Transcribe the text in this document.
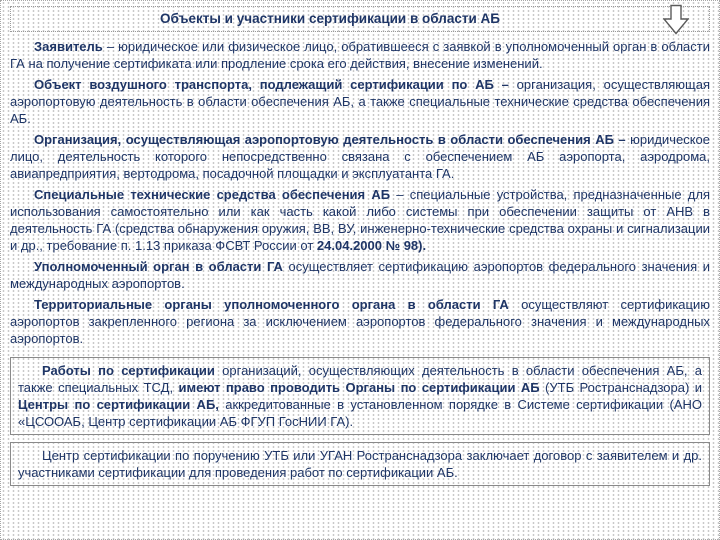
Объекты и участники сертификации в области АБ

Заявитель – юридическое или физическое лицо, обратившееся с заявкой в уполномоченный орган в области ГА на получение сертификата или продление срока его действия, внесение изменений.

Объект воздушного транспорта, подлежащий сертификации по АБ – организация, осуществляющая аэропортовую деятельность в области обеспечения АБ, а также специальные технические средства обеспечения АБ.

Организация, осуществляющая аэропортовую деятельность в области обеспечения АБ – юридическое лицо, деятельность которого непосредственно связана с обеспечением АБ аэропорта, аэродрома, авиапредприятия, вертодрома, посадочной площадки и эксплуатанта ГА.

Специальные технические средства обеспечения АБ – специальные устройства, предназначенные для использования самостоятельно или как часть какой либо системы при обеспечении защиты от АНВ в деятельность ГА (средства обнаружения оружия, ВВ, ВУ, инженерно-технические средства охраны и сигнализации и др., требование п. 1.13 приказа ФСВТ России от 24.04.2000 № 98).

Уполномоченный орган в области ГА осуществляет сертификацию аэропортов федерального значения и международных аэропортов.

Территориальные органы уполномоченного органа в области ГА осуществляют сертификацию аэропортов закрепленного региона за исключением аэропортов федерального значения и международных аэропортов.

Работы по сертификации организаций, осуществляющих деятельность в области обеспечения АБ, а также специальных ТСД, имеют право проводить Органы по сертификации АБ (УТБ Ространснадзора) и Центры по сертификации АБ, аккредитованные в установленном порядке в Системе сертификации (АНО «ЦСООАБ, Центр сертификации АБ ФГУП ГосНИИ ГА).

Центр сертификации по поручению УТБ или УГАН Ространснадзора заключает договор с заявителем и др. участниками сертификации для проведения работ по сертификации АБ.
